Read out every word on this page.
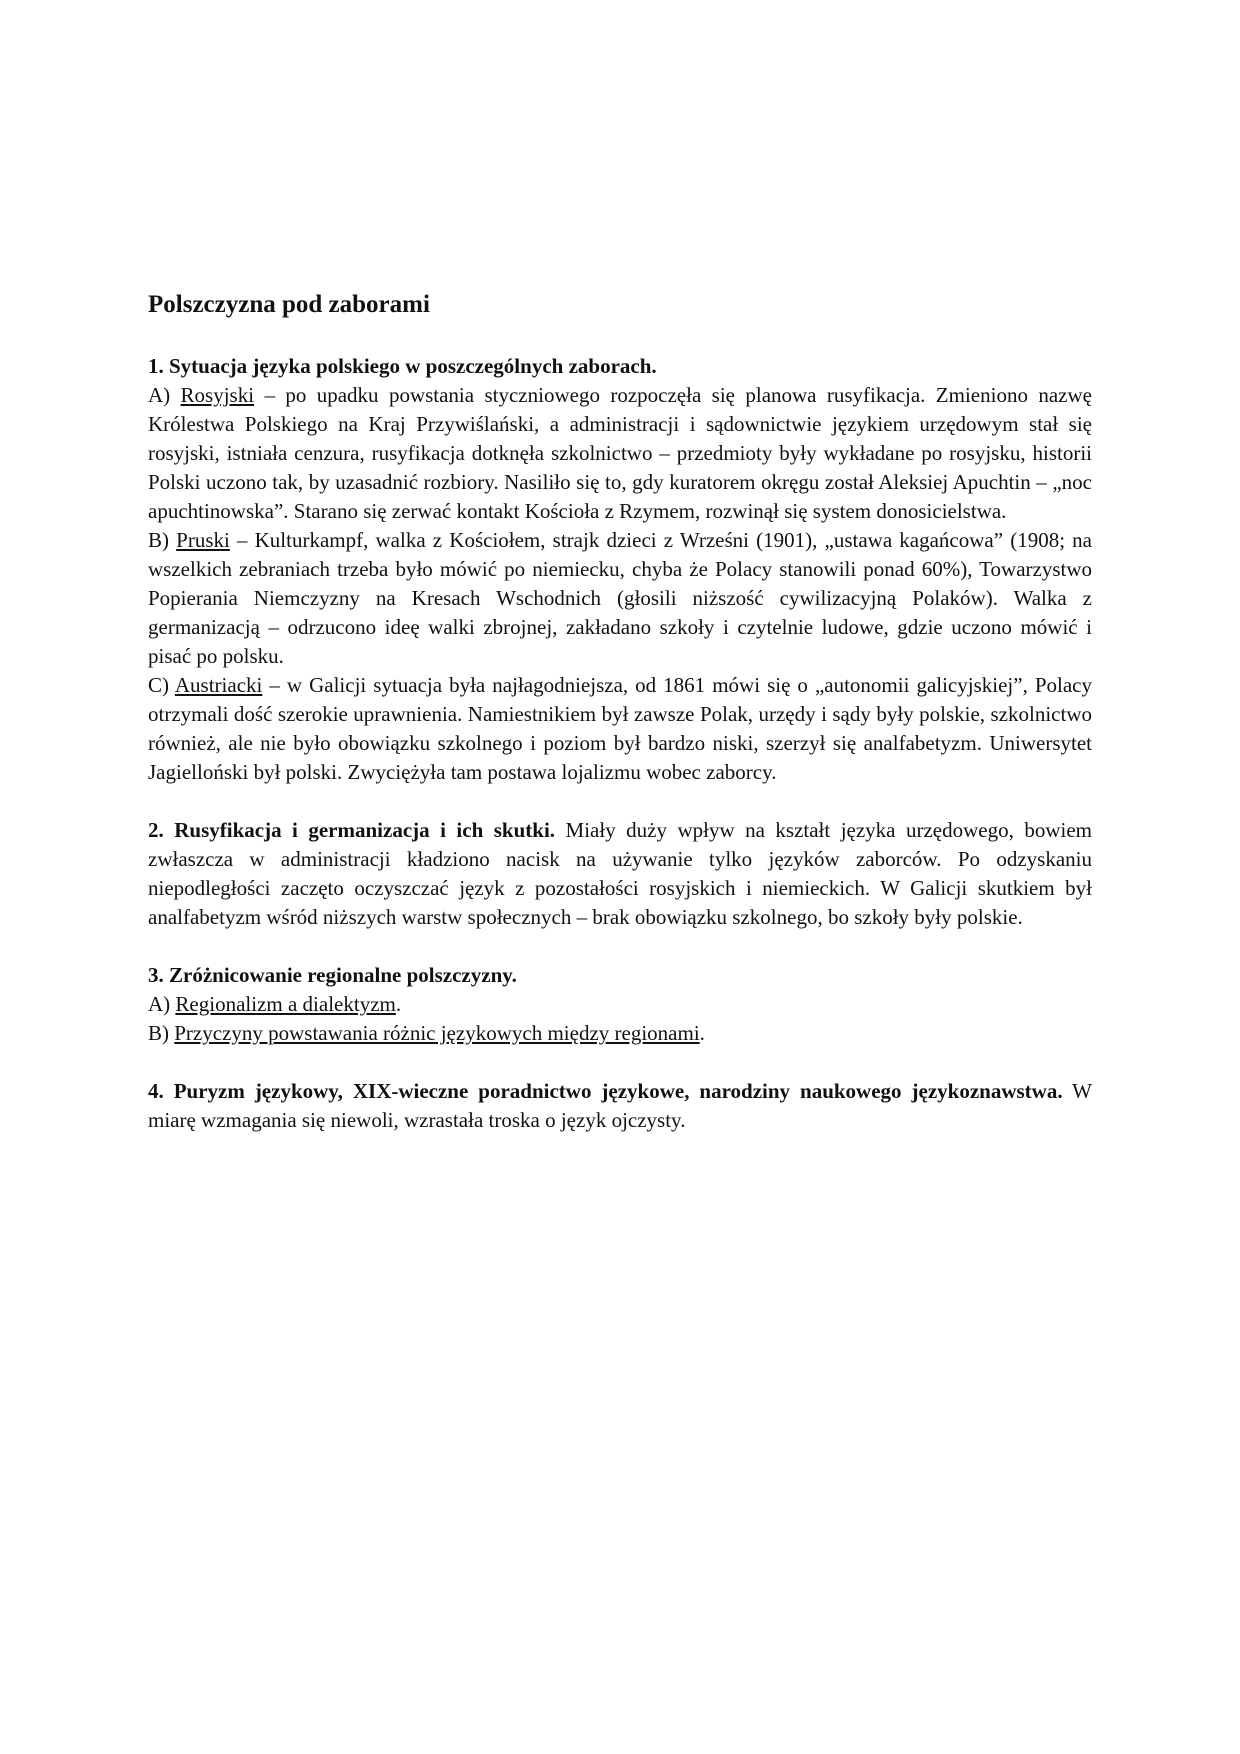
Polszczyzna pod zaborami

1. Sytuacja języka polskiego w poszczególnych zaborach.

A) Rosyjski – po upadku powstania styczniowego rozpoczęła się planowa rusyfikacja. Zmieniono nazwę Królestwa Polskiego na Kraj Przywiślański, a administracji i sądownictwie językiem urzędowym stał się rosyjski, istniała cenzura, rusyfikacja dotknęła szkolnictwo – przedmioty były wykładane po rosyjsku, historii Polski uczono tak, by uzasadnić rozbiory. Nasiliło się to, gdy kuratorem okręgu został Aleksiej Apuchtin – „noc apuchtinowska”. Starano się zerwać kontakt Kościoła z Rzymem, rozwinął się system donosicielstwa.

B) Pruski – Kulturkampf, walka z Kościołem, strajk dzieci z Wrześni (1901), „ustawa kagańcowa” (1908; na wszelkich zebraniach trzeba było mówić po niemiecku, chyba że Polacy stanowili ponad 60%), Towarzystwo Popierania Niemczyzny na Kresach Wschodnich (głosili niższość cywilizacyjną Polaków). Walka z germanizacją – odrzucono ideę walki zbrojnej, zakładano szkoły i czytelnie ludowe, gdzie uczono mówić i pisać po polsku.

C) Austriacki – w Galicji sytuacja była najłagodniejsza, od 1861 mówi się o „autonomii galicyjskiej”, Polacy otrzymali dość szerokie uprawnienia. Namiestnikiem był zawsze Polak, urzędy i sądy były polskie, szkolnictwo również, ale nie było obowiązku szkolnego i poziom był bardzo niski, szerzył się analfabetyzm. Uniwersytet Jagielloński był polski. Zwyciężyła tam postawa lojalizmu wobec zaborcy.

2. Rusyfikacja i germanizacja i ich skutki. Miały duży wpływ na kształt języka urzędowego, bowiem zwłaszcza w administracji kładziono nacisk na używanie tylko języków zaborców. Po odzyskaniu niepodległości zaczęto oczyszczać język z pozostałości rosyjskich i niemieckich. W Galicji skutkiem był analfabetyzm wśród niższych warstw społecznych – brak obowiązku szkolnego, bo szkoły były polskie.

3. Zróżnicowanie regionalne polszczyzny.

A) Regionalizm a dialektyzm.

B) Przyczyny powstawania różnic językowych między regionami.

4. Puryzm językowy, XIX-wieczne poradnictwo językowe, narodziny naukowego językoznawstwa. W miarę wzmagania się niewoli, wzrastała troska o język ojczysty.
